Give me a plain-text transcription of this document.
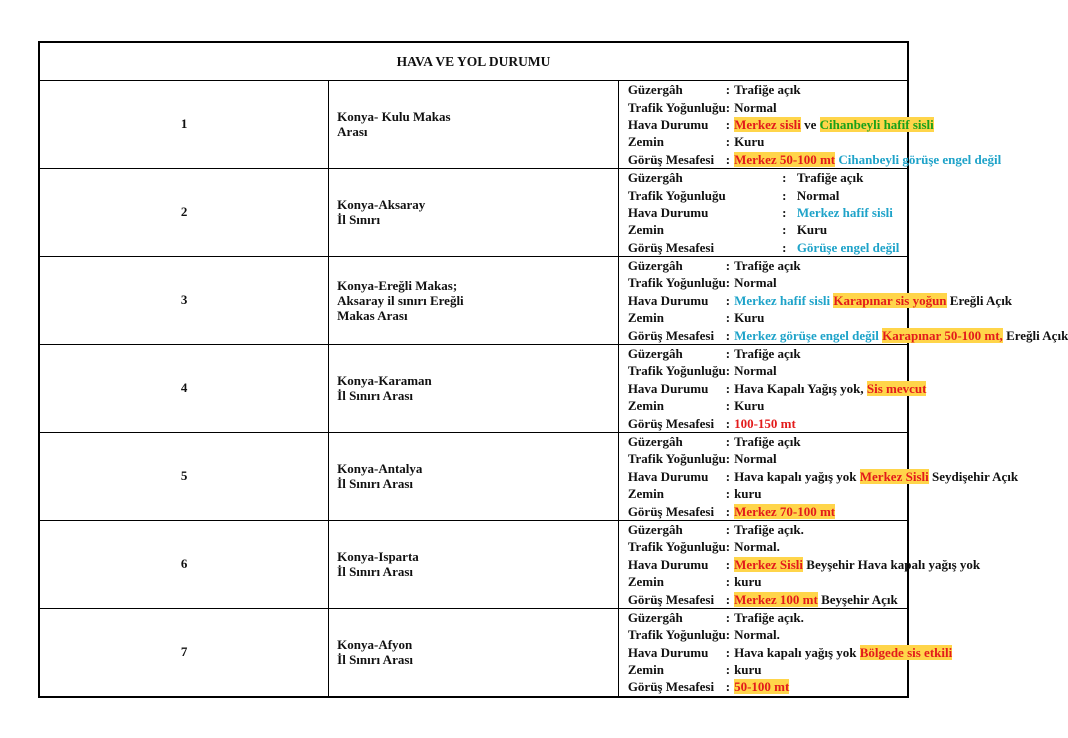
HAVA VE YOL DURUMU
1	Konya- Kulu Makas
Arası

Güzergâh	:	Trafiğe açık
Trafik Yoğunluğu	:	Normal
Hava Durumu	:	Merkez sisli ve Cihanbeyli hafif sisli
Zemin	:	Kuru
Görüş Mesafesi	:	Merkez 50-100 mt Cihanbeyli görüşe engel değil

2	Konya-Aksaray
İl Sınırı

Güzergâh	:	Trafiğe açık
Trafik Yoğunluğu	:	Normal
Hava Durumu	:	Merkez hafif sisli
Zemin	:	Kuru
Görüş Mesafesi	:	Görüşe engel değil

3	
Konya-Ereğli Makas;
Aksaray il sınırı Ereğli
Makas Arası

Güzergâh	:	Trafiğe açık
Trafik Yoğunluğu	:	Normal
Hava Durumu	:	Merkez hafif sisli Karapınar sis yoğun Ereğli Açık
Zemin	:	Kuru
Görüş Mesafesi	:	Merkez görüşe engel değil Karapınar 50-100 mt, Ereğli Açık

4	Konya-Karaman
İl Sınırı Arası

Güzergâh	:	Trafiğe açık
Trafik Yoğunluğu	:	Normal
Hava Durumu	:	Hava Kapalı Yağış yok, Sis mevcut
Zemin	:	Kuru
Görüş Mesafesi	:	100-150 mt

5	Konya-Antalya
İl Sınırı Arası

Güzergâh	:	Trafiğe açık
Trafik Yoğunluğu	:	Normal
Hava Durumu	:	Hava kapalı yağış yok Merkez Sisli Seydişehir Açık
Zemin	:	kuru
Görüş Mesafesi	:	Merkez 70-100 mt

6	Konya-Isparta
İl Sınırı Arası

Güzergâh	:	Trafiğe açık.
Trafik Yoğunluğu	:	Normal.
Hava Durumu	:	Merkez Sisli Beyşehir Hava kapalı yağış yok
Zemin	:	kuru
Görüş Mesafesi	:	Merkez 100 mt Beyşehir Açık

7	Konya-Afyon
İl Sınırı Arası

Güzergâh	:	Trafiğe açık.
Trafik Yoğunluğu	:	Normal.
Hava Durumu	:	Hava kapalı yağış yok Bölgede sis etkili
Zemin	:	kuru
Görüş Mesafesi	:	50-100 mt
